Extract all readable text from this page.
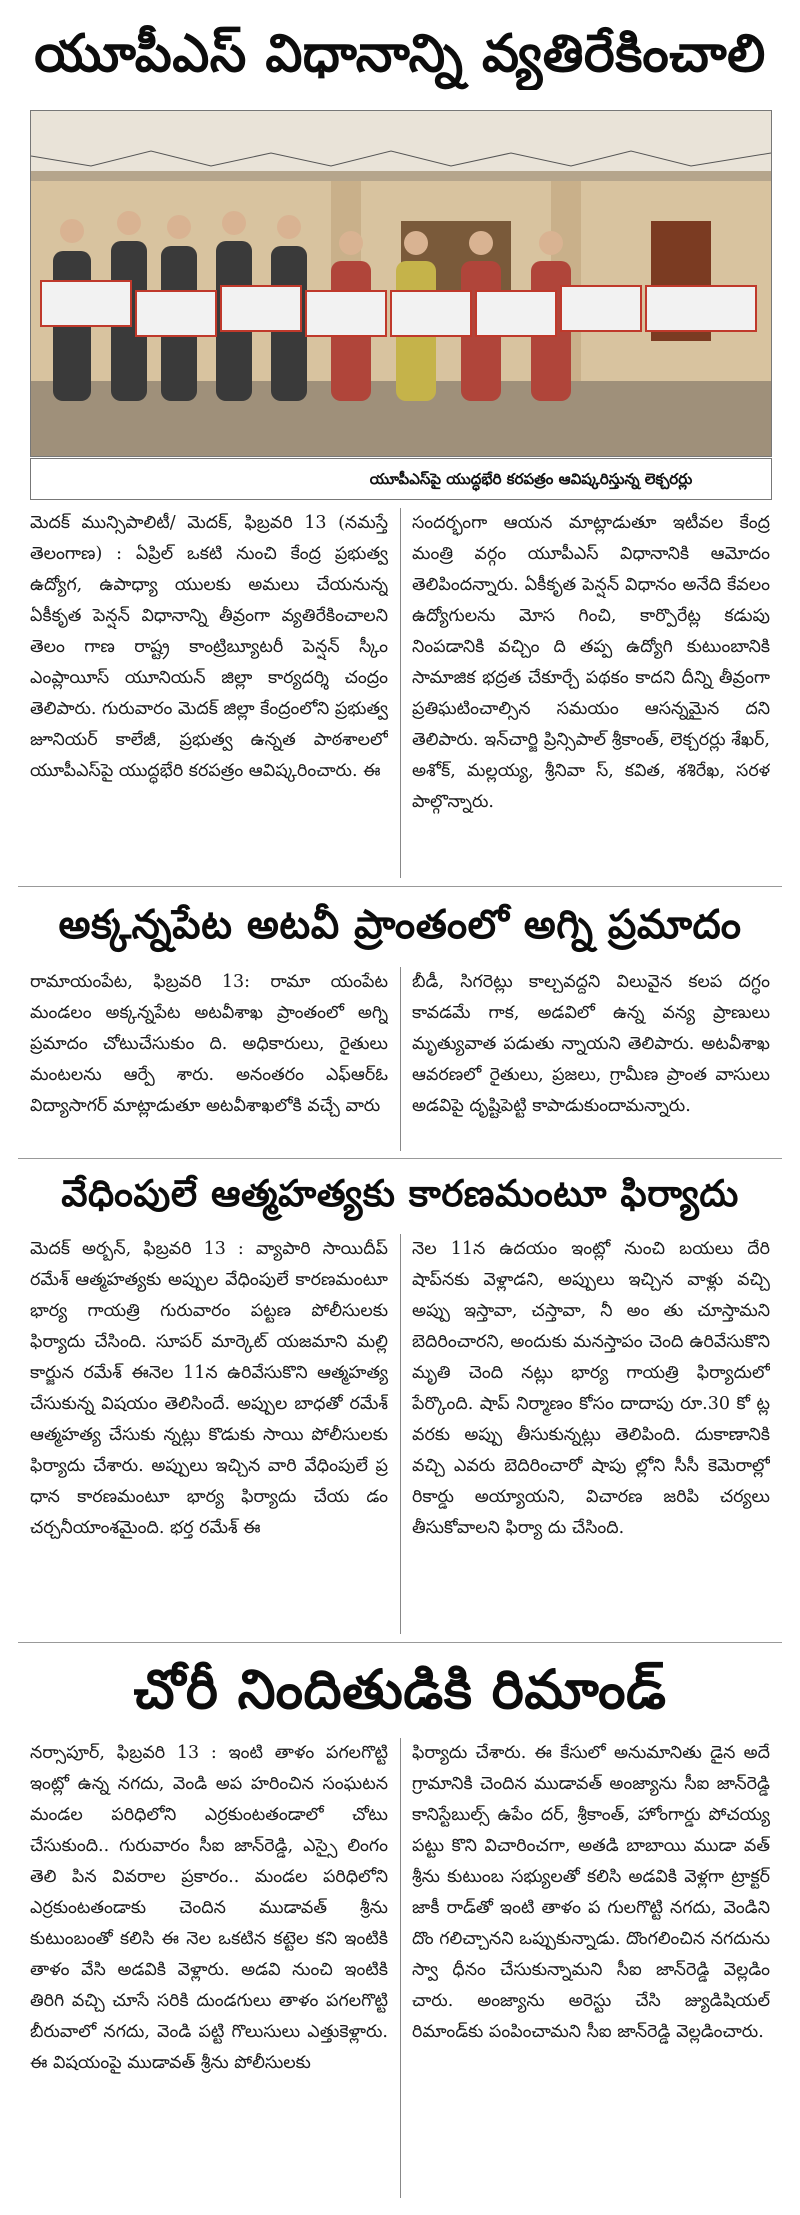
యూపీఎస్ విధానాన్ని వ్యతిరేకించాలి
యూపీఎస్‌పై యుద్ధభేరి కరపత్రం ఆవిష్కరిస్తున్న లెక్చరర్లు
మెదక్ మున్సిపాలిటీ/ మెదక్, ఫిబ్రవరి 13 (నమస్తే తెలంగాణ) : ఏప్రిల్ ఒకటి నుంచి కేంద్ర ప్రభుత్వ ఉద్యోగ, ఉపాధ్యా యులకు అమలు చేయనున్న ఏకీకృత పెన్షన్ విధానాన్ని తీవ్రంగా వ్యతిరేకించాలని తెలం గాణ రాష్ట్ర కాంట్రిబ్యూటరీ పెన్షన్ స్కీం ఎంప్లాయీస్ యూనియన్ జిల్లా కార్యదర్శి చంద్రం తెలిపారు. గురువారం మెదక్ జిల్లా కేంద్రంలోని ప్రభుత్వ జూనియర్ కాలేజీ, ప్రభుత్వ ఉన్నత పాఠశాలలో యూపీఎస్‌పై యుద్ధభేరి కరపత్రం ఆవిష్కరించారు. ఈ
సందర్భంగా ఆయన మాట్లాడుతూ ఇటీవల కేంద్ర మంత్రి వర్గం యూపీఎస్ విధానానికి ఆమోదం తెలిపిందన్నారు. ఏకీకృత పెన్షన్ విధానం అనేది కేవలం ఉద్యోగులను మోస గించి, కార్పొరేట్ల కడుపు నింపడానికి వచ్చిం ది తప్ప ఉద్యోగి కుటుంబానికి సామాజిక భద్రత చేకూర్చే పథకం కాదని దీన్ని తీవ్రంగా ప్రతిఘటించాల్సిన సమయం ఆసన్నమైన దని తెలిపారు. ఇన్‌చార్జి ప్రిన్సిపాల్ శ్రీకాంత్, లెక్చరర్లు శేఖర్, అశోక్, మల్లయ్య, శ్రీనివా స్, కవిత, శశిరేఖ, సరళ పాల్గొన్నారు.
అక్కన్నపేట అటవీ ప్రాంతంలో అగ్ని ప్రమాదం
రామాయంపేట, ఫిబ్రవరి 13: రామా యంపేట మండలం అక్కన్నపేట అటవీశాఖ ప్రాంతంలో అగ్ని ప్రమాదం చోటుచేసుకుం ది. అధికారులు, రైతులు మంటలను ఆర్పే శారు. అనంతరం ఎఫ్ఆర్‌ఓ విద్యాసాగర్ మాట్లాడుతూ అటవీశాఖలోకి వచ్చే వారు
బీడీ, సిగరెట్లు కాల్చవద్దని విలువైన కలప దగ్ధం కావడమే గాక, అడవిలో ఉన్న వన్య ప్రాణులు మృత్యువాత పడుతు న్నాయని తెలిపారు. అటవీశాఖ ఆవరణలో రైతులు, ప్రజలు, గ్రామీణ ప్రాంత వాసులు అడవిపై దృష్టిపెట్టి కాపాడుకుందామన్నారు.
వేధింపులే ఆత్మహత్యకు కారణమంటూ ఫిర్యాదు
మెదక్ అర్బన్, ఫిబ్రవరి 13 : వ్యాపారి సాయిదీప్ రమేశ్ ఆత్మహత్యకు అప్పుల వేధింపులే కారణమంటూ భార్య గాయత్రి గురువారం పట్టణ పోలీసులకు ఫిర్యాదు చేసింది. సూపర్ మార్కెట్ యజమాని మల్లి కార్జున రమేశ్ ఈనెల 11న ఉరివేసుకొని ఆత్మహత్య చేసుకున్న విషయం తెలిసిందే. అప్పుల బాధతో రమేశ్ ఆత్మహత్య చేసుకు న్నట్లు కొడుకు సాయి పోలీసులకు ఫిర్యాదు చేశారు. అప్పులు ఇచ్చిన వారి వేధింపులే ప్ర ధాన కారణమంటూ భార్య ఫిర్యాదు చేయ డం చర్చనీయాంశమైంది. భర్త రమేశ్ ఈ
నెల 11న ఉదయం ఇంట్లో నుంచి బయలు దేరి షాప్‌నకు వెళ్లాడని, అప్పులు ఇచ్చిన వాళ్లు వచ్చి అప్పు ఇస్తావా, చస్తావా, నీ అం తు చూస్తామని బెదిరించారని, అందుకు మనస్తాపం చెంది ఉరివేసుకొని మృతి చెంది నట్లు భార్య గాయత్రి ఫిర్యాదులో పేర్కొంది. షాప్ నిర్మాణం కోసం దాదాపు రూ.30 కో ట్ల వరకు అప్పు తీసుకున్నట్లు తెలిపింది. దుకాణానికి వచ్చి ఎవరు బెదిరించారో షాపు ల్లోని సీసీ కెమెరాల్లో రికార్డు అయ్యాయని, విచారణ జరిపి చర్యలు తీసుకోవాలని ఫిర్యా దు చేసింది.
చోరీ నిందితుడికి రిమాండ్
నర్సాపూర్, ఫిబ్రవరి 13 : ఇంటి తాళం పగలగొట్టి ఇంట్లో ఉన్న నగదు, వెండి అప హరించిన సంఘటన మండల పరిధిలోని ఎర్రకుంటతండాలో చోటు చేసుకుంది.. గురువారం సీఐ జాన్‌రెడ్డి, ఎస్సై లింగం తెలి పిన వివరాల ప్రకారం.. మండల పరిధిలోని ఎర్రకుంటతండాకు చెందిన ముడావత్ శ్రీను కుటుంబంతో కలిసి ఈ నెల ఒకటిన కట్టెల కని ఇంటికి తాళం వేసి అడవికి వెళ్లారు. అడవి నుంచి ఇంటికి తిరిగి వచ్చి చూసే సరికి దుండగులు తాళం పగలగొట్టి బీరువాలో నగదు, వెండి పట్టి గొలుసులు ఎత్తుకెళ్లారు. ఈ విషయంపై ముడావత్ శ్రీను పోలీసులకు
ఫిర్యాదు చేశారు. ఈ కేసులో అనుమానితు డైన అదే గ్రామానికి చెందిన ముడావత్ అంజ్యాను సీఐ జాన్‌రెడ్డి కానిస్టేబుల్స్ ఉపేం దర్, శ్రీకాంత్, హోంగార్డు పోచయ్య పట్టు కొని విచారించగా, అతడి బాబాయి ముడా వత్ శ్రీను కుటుంబ సభ్యులతో కలిసి అడవికి వెళ్లగా ట్రాక్టర్ జాకీ రాడ్‌తో ఇంటి తాళం ప గులగొట్టి నగదు, వెండిని దొం గలిచ్చానని ఒప్పుకున్నాడు. దొంగలించిన నగదును స్వా ధీనం చేసుకున్నామని సీఐ జాన్‌రెడ్డి వెల్లడిం చారు. అంజ్యాను అరెస్టు చేసి జ్యుడిషియల్ రిమాండ్‌కు పంపించామని సీఐ జాన్‌రెడ్డి వెల్లడించారు.
